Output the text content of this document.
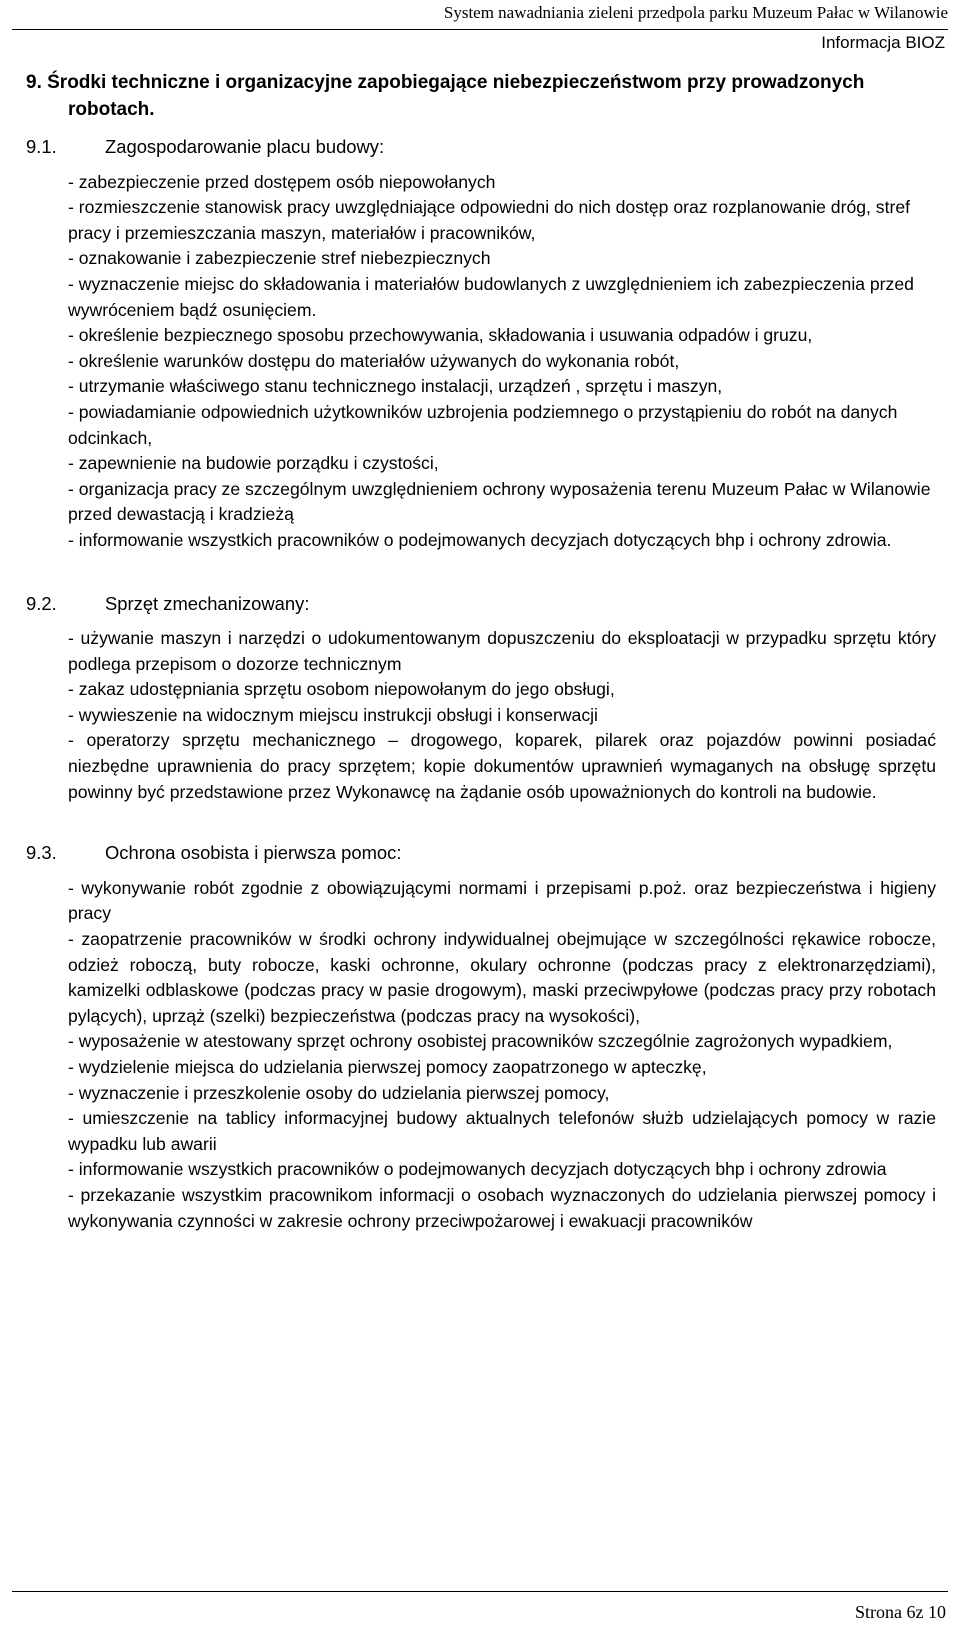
System nawadniania zieleni przedpola parku Muzeum Pałac w Wilanowie
Informacja BIOZ
9. Środki techniczne i organizacyjne zapobiegające niebezpieczeństwom przy prowadzonych robotach.
9.1.	Zagospodarowanie placu budowy:

- zabezpieczenie przed dostępem osób niepowołanych
- rozmieszczenie stanowisk pracy uwzględniające odpowiedni do nich dostęp oraz rozplanowanie dróg, stref pracy i przemieszczania maszyn, materiałów i pracowników,
- oznakowanie i zabezpieczenie stref niebezpiecznych
- wyznaczenie miejsc do składowania i materiałów budowlanych z uwzględnieniem ich zabezpieczenia przed wywróceniem bądź osunięciem.
- określenie bezpiecznego sposobu przechowywania, składowania i usuwania odpadów i gruzu,
- określenie warunków dostępu do materiałów używanych do wykonania robót,
- utrzymanie właściwego stanu technicznego instalacji, urządzeń , sprzętu i maszyn,
- powiadamianie odpowiednich użytkowników uzbrojenia podziemnego o przystąpieniu do robót na danych odcinkach,
- zapewnienie na budowie porządku i czystości,
- organizacja pracy ze szczególnym uwzględnieniem ochrony wyposażenia terenu Muzeum Pałac w Wilanowie przed dewastacją i kradzieżą
- informowanie wszystkich pracowników o podejmowanych decyzjach dotyczących bhp i ochrony zdrowia.

9.2.	Sprzęt zmechanizowany:

- używanie maszyn i narzędzi o udokumentowanym dopuszczeniu do eksploatacji w przypadku sprzętu który podlega przepisom o dozorze technicznym
- zakaz udostępniania sprzętu osobom niepowołanym do jego obsługi,
- wywieszenie na widocznym miejscu instrukcji obsługi i konserwacji
- operatorzy sprzętu mechanicznego – drogowego, koparek, pilarek oraz pojazdów powinni posiadać niezbędne uprawnienia do pracy sprzętem; kopie dokumentów uprawnień wymaganych na obsługę sprzętu powinny być przedstawione przez Wykonawcę na żądanie osób upoważnionych do kontroli na budowie.

9.3.	Ochrona osobista i pierwsza pomoc:

- wykonywanie robót zgodnie z obowiązującymi normami i przepisami p.poż. oraz bezpieczeństwa i higieny pracy
- zaopatrzenie pracowników w środki ochrony indywidualnej obejmujące w szczególności rękawice robocze, odzież roboczą, buty robocze, kaski ochronne, okulary ochronne (podczas pracy z elektronarzędziami), kamizelki odblaskowe (podczas pracy w pasie drogowym), maski przeciwpyłowe (podczas pracy przy robotach pylących), uprząż (szelki) bezpieczeństwa (podczas pracy na wysokości),
- wyposażenie w atestowany sprzęt ochrony osobistej pracowników szczególnie zagrożonych wypadkiem,
- wydzielenie miejsca do udzielania pierwszej pomocy zaopatrzonego w apteczkę,
- wyznaczenie i przeszkolenie osoby do udzielania pierwszej pomocy,
- umieszczenie na tablicy informacyjnej budowy aktualnych telefonów służb udzielających pomocy w razie wypadku lub awarii
- informowanie wszystkich pracowników o podejmowanych decyzjach dotyczących bhp i ochrony zdrowia
- przekazanie wszystkim pracownikom informacji o osobach wyznaczonych do udzielania pierwszej pomocy i wykonywania czynności w zakresie ochrony przeciwpożarowej i ewakuacji pracowników

Strona 6z 10
